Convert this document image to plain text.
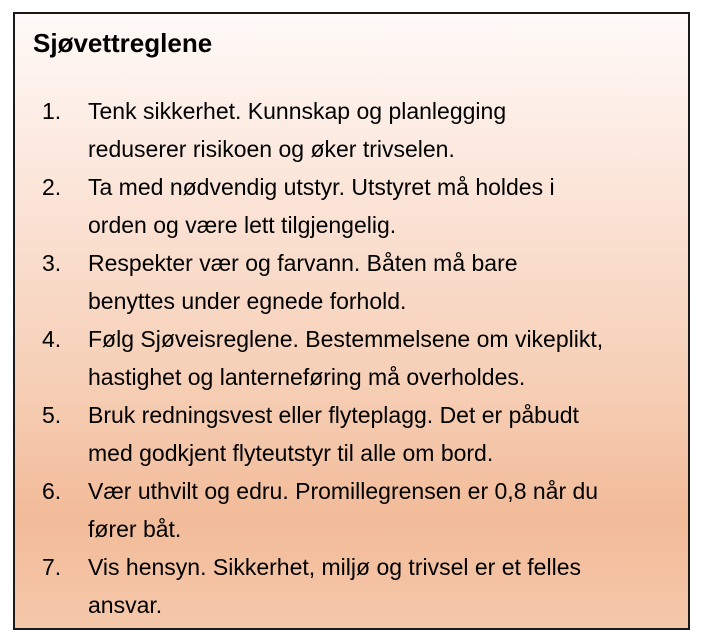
Sjøvettreglene
1.	Tenk sikkerhet. Kunnskap og planlegging
reduserer risikoen og øker trivselen.
2.	Ta med nødvendig utstyr. Utstyret må holdes i
orden og være lett tilgjengelig.
3.	Respekter vær og farvann. Båten må bare
benyttes under egnede forhold.
4.	Følg Sjøveisreglene. Bestemmelsene om vikeplikt,
hastighet og lanterneføring må overholdes.
5.	Bruk redningsvest eller flyteplagg. Det er påbudt
med godkjent flyteutstyr til alle om bord.
6.	Vær uthvilt og edru. Promillegrensen er 0,8 når du
fører båt.
7.	Vis hensyn. Sikkerhet, miljø og trivsel er et felles
ansvar.
